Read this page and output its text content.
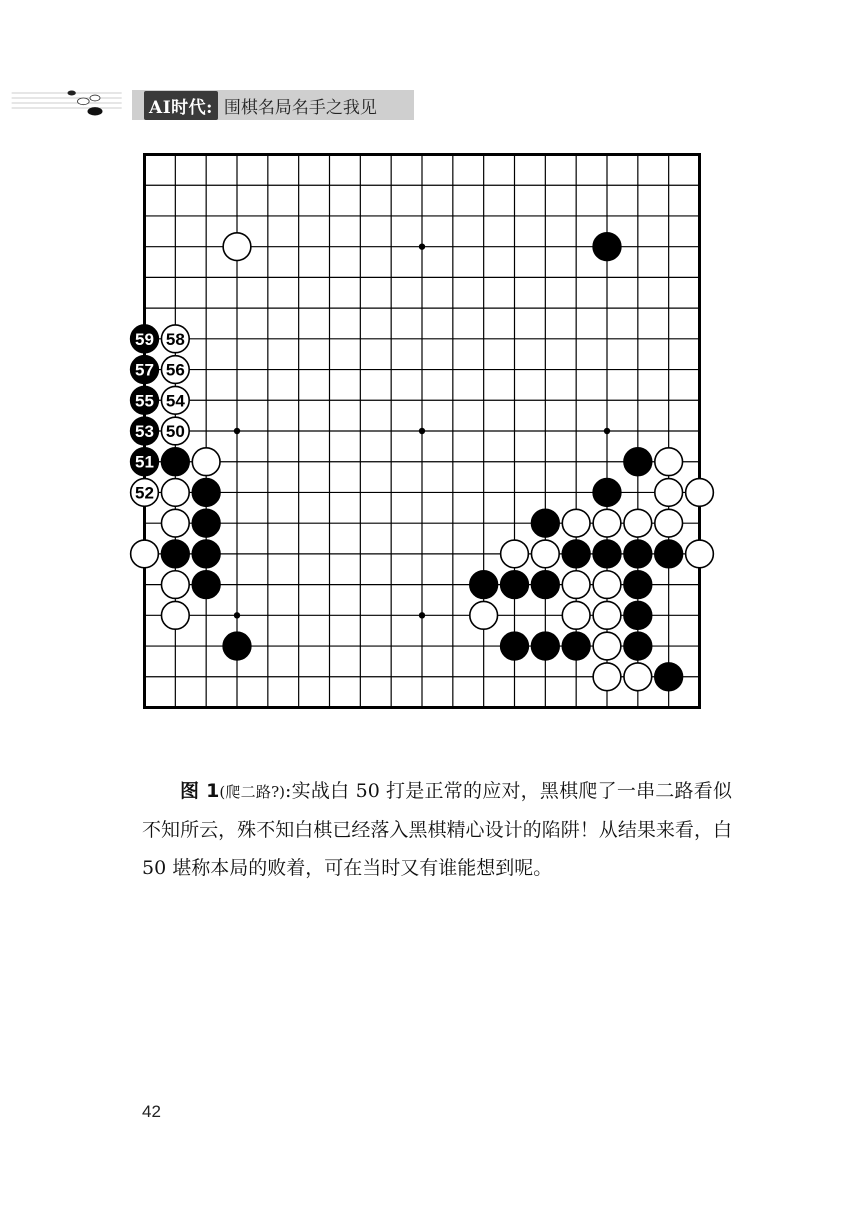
AI时代: 围棋名局名手之我见
59 58
57 56
55 54
53 50
51
52
图 1(爬二路?):实战白 50 打是正常的应对，黑棋爬了一串二路看似不知所云，殊不知白棋已经落入黑棋精心设计的陷阱！从结果来看，白 50 堪称本局的败着，可在当时又有谁能想到呢。
42
